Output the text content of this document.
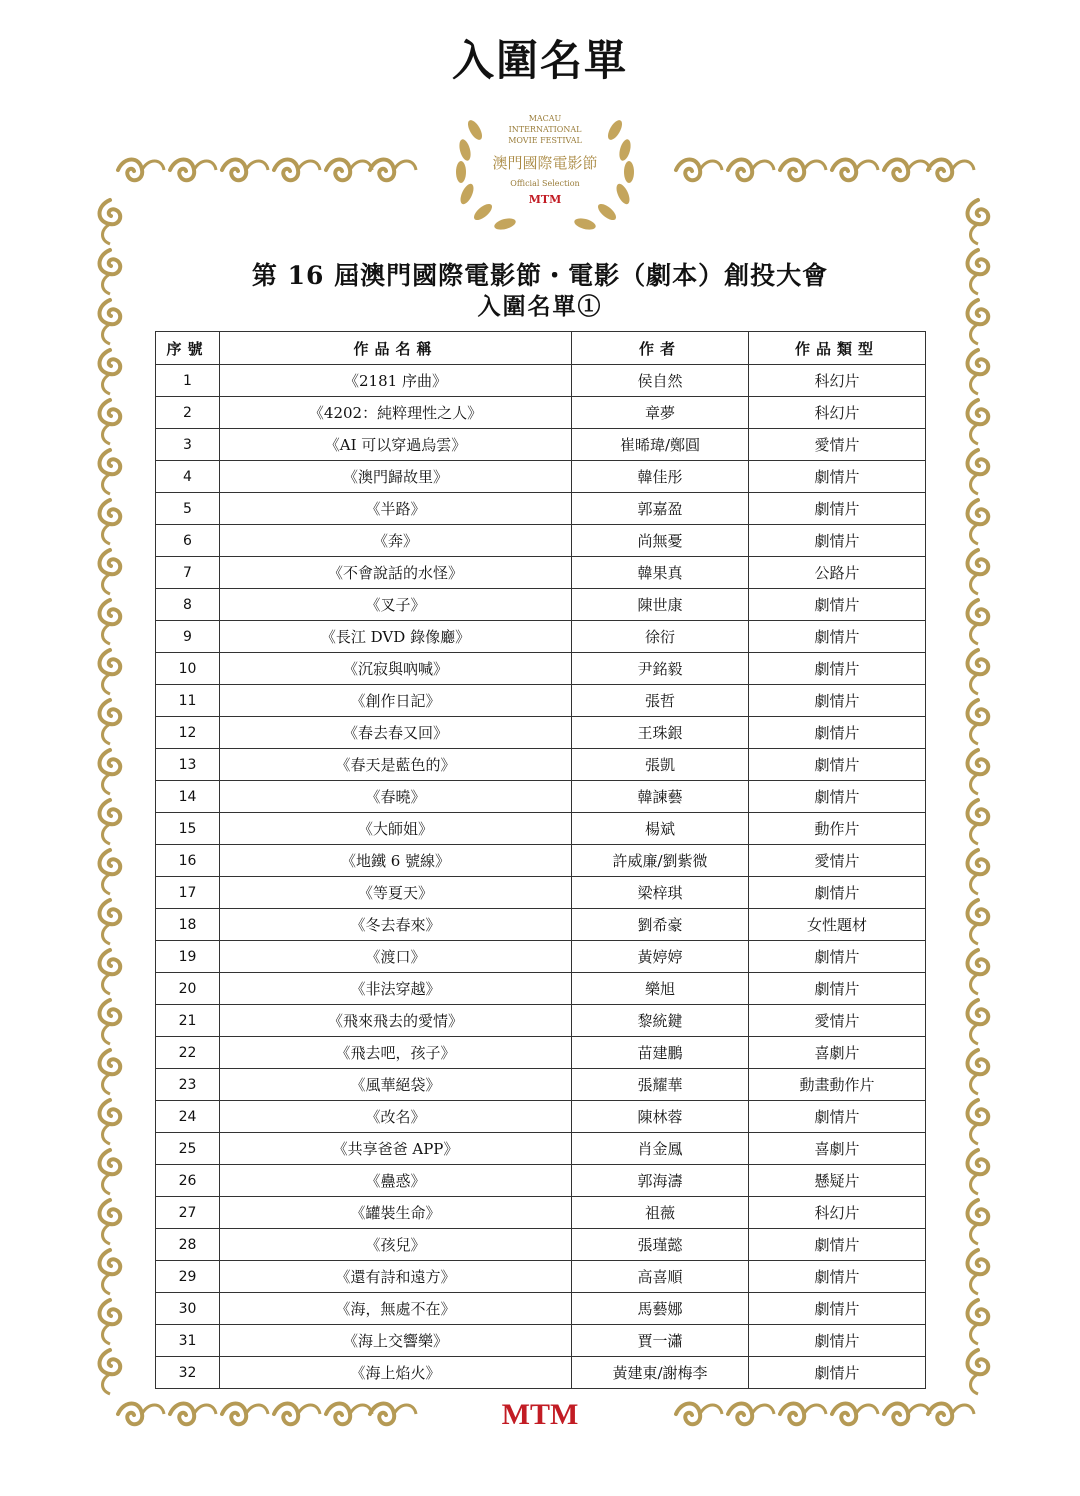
入圍名單
MACAU
INTERNATIONAL
MOVIE FESTIVAL
澳門國際電影節
Official Selection
MTM
第 16 屆澳門國際電影節・電影（劇本）創投大會
入圍名單①
序號	作品名稱	作者	作品類型
1	《2181 序曲》	侯自然	科幻片
2	《4202：純粹理性之人》	章夢	科幻片
3	《AI 可以穿過烏雲》	崔晞瑋/鄭圓	愛情片
4	《澳門歸故里》	韓佳彤	劇情片
5	《半路》	郭嘉盈	劇情片
6	《奔》	尚無憂	劇情片
7	《不會說話的水怪》	韓果真	公路片
8	《叉子》	陳世康	劇情片
9	《長江 DVD 錄像廳》	徐衍	劇情片
10	《沉寂與吶喊》	尹銘毅	劇情片
11	《創作日記》	張哲	劇情片
12	《春去春又回》	王珠銀	劇情片
13	《春天是藍色的》	張凱	劇情片
14	《春曉》	韓諫藝	劇情片
15	《大師姐》	楊斌	動作片
16	《地鐵 6 號線》	許威廉/劉紫微	愛情片
17	《等夏天》	梁梓琪	劇情片
18	《冬去春來》	劉希豪	女性題材
19	《渡口》	黃婷婷	劇情片
20	《非法穿越》	樂旭	劇情片
21	《飛來飛去的愛情》	黎統鍵	愛情片
22	《飛去吧，孩子》	苗建鵬	喜劇片
23	《風華絕袋》	張耀華	動畫動作片
24	《改名》	陳林蓉	劇情片
25	《共享爸爸 APP》	肖金鳳	喜劇片
26	《蠱惑》	郭海濤	懸疑片
27	《罐裝生命》	祖薇	科幻片
28	《孩兒》	張瑾懿	劇情片
29	《還有詩和遠方》	高喜順	劇情片
30	《海，無處不在》	馬藝娜	劇情片
31	《海上交響樂》	賈一瀟	劇情片
32	《海上焰火》	黃建東/謝梅李	劇情片
MTM
